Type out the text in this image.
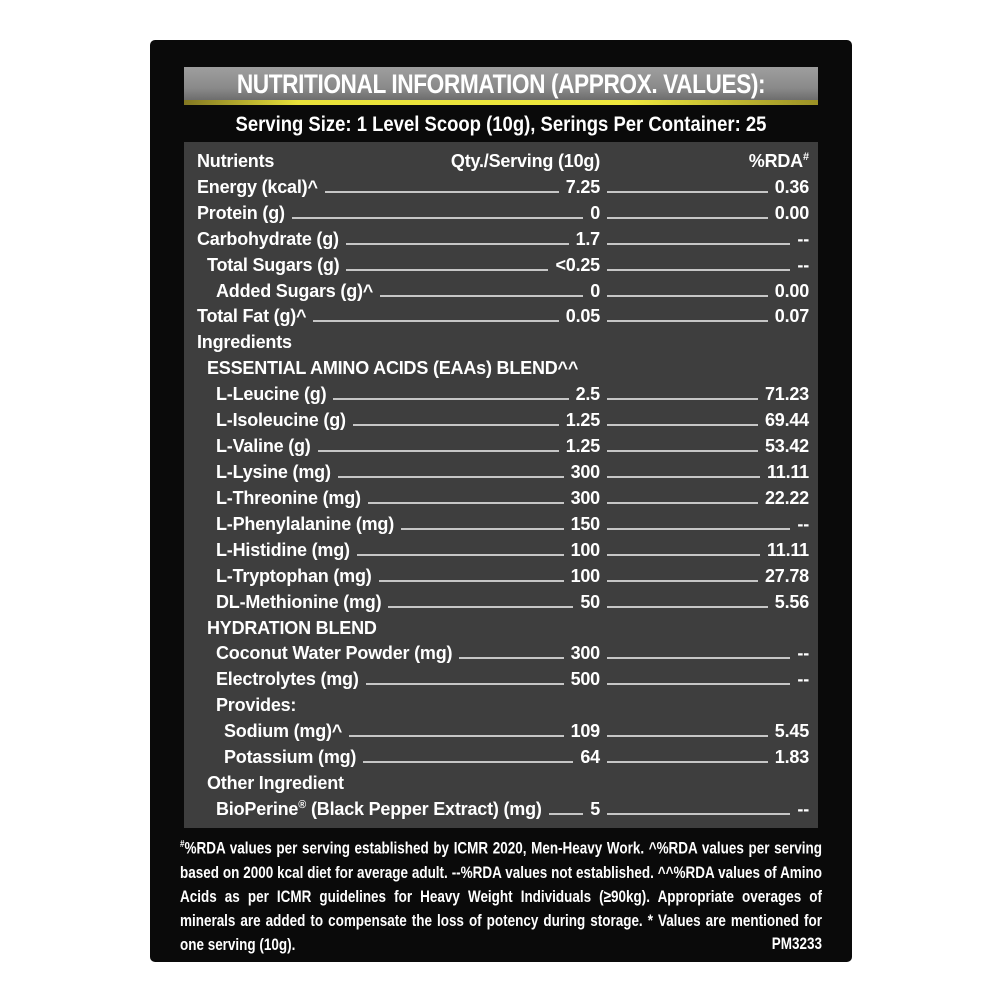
NUTRITIONAL INFORMATION (APPROX. VALUES):
Serving Size: 1 Level Scoop (10g), Serings Per Container: 25
Nutrients	Qty./Serving (10g)	%RDA#
Energy (kcal)^	7.25	0.36
Protein (g)	0	0.00
Carbohydrate (g)	1.7	--
Total Sugars (g)	<0.25	--
Added Sugars (g)^	0	0.00
Total Fat (g)^	0.05	0.07
Ingredients
ESSENTIAL AMINO ACIDS (EAAs) BLEND^^
L-Leucine (g)	2.5	71.23
L-Isoleucine (g)	1.25	69.44
L-Valine (g)	1.25	53.42
L-Lysine (mg)	300	11.11
L-Threonine (mg)	300	22.22
L-Phenylalanine (mg)	150	--
L-Histidine (mg)	100	11.11
L-Tryptophan (mg)	100	27.78
DL-Methionine (mg)	50	5.56
HYDRATION BLEND
Coconut Water Powder (mg)	300	--
Electrolytes (mg)	500	--
Provides:
Sodium (mg)^	109	5.45
Potassium (mg)	64	1.83
Other Ingredient
BioPerine® (Black Pepper Extract) (mg)	5	--
#%RDA values per serving established by ICMR 2020, Men-Heavy Work. ^%RDA values per serving based on 2000 kcal diet for average adult. --%RDA values not established. ^^%RDA values of Amino Acids as per ICMR guidelines for Heavy Weight Individuals (≥90kg). Appropriate overages of minerals are added to compensate the loss of potency during storage. * Values are mentioned for one serving (10g).	PM3233
